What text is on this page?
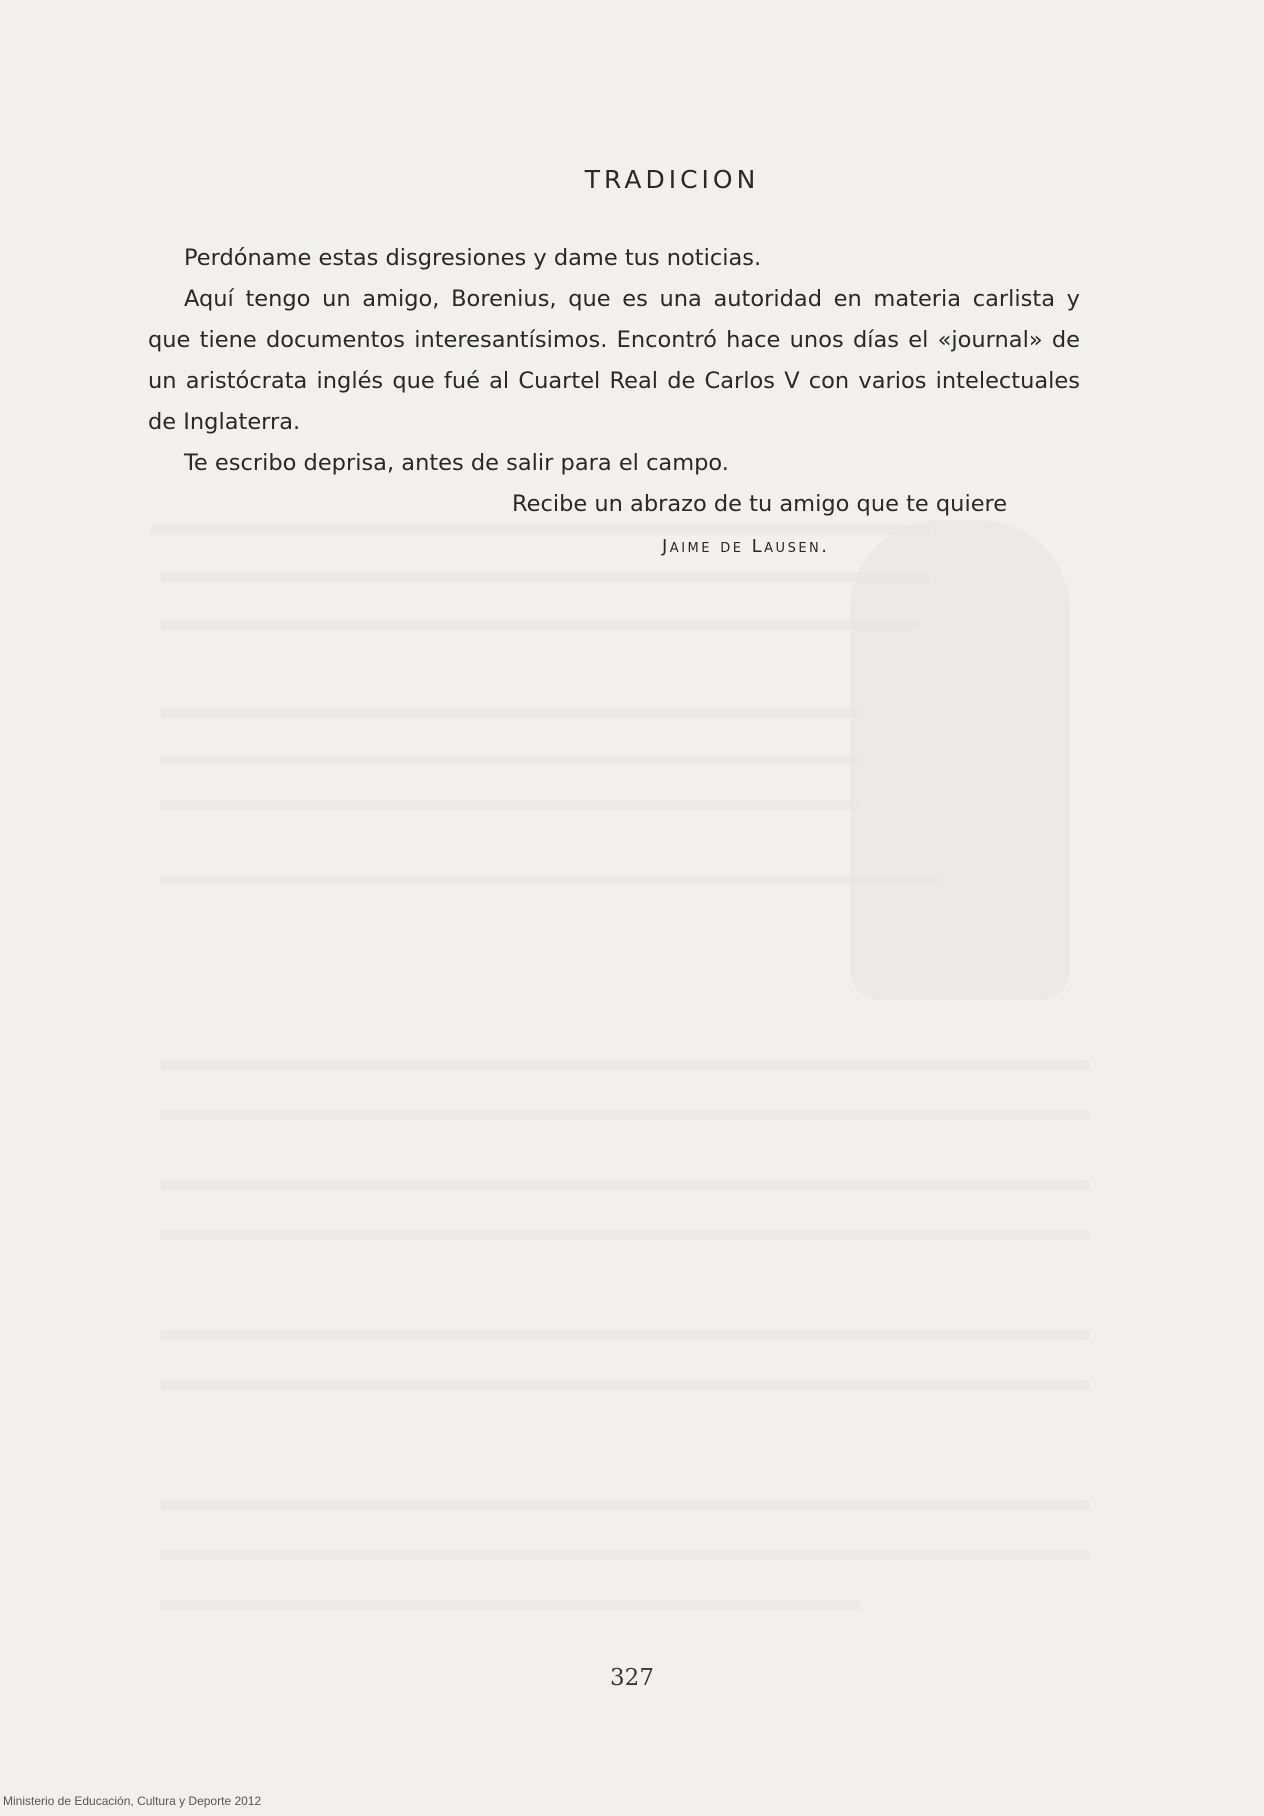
TRADICION

Perdóname estas disgresiones y dame tus noticias.

Aquí tengo un amigo, Borenius, que es una autoridad en materia carlista y
que tiene documentos interesantísimos. Encontró hace unos días el «journal» de
un aristócrata inglés que fué al Cuartel Real de Carlos V con varios intelectuales
de Inglaterra.

Te escribo deprisa, antes de salir para el campo.

Recibe un abrazo de tu amigo que te quiere
Jaime de Lausen.
327
Ministerio de Educación, Cultura y Deporte 2012
